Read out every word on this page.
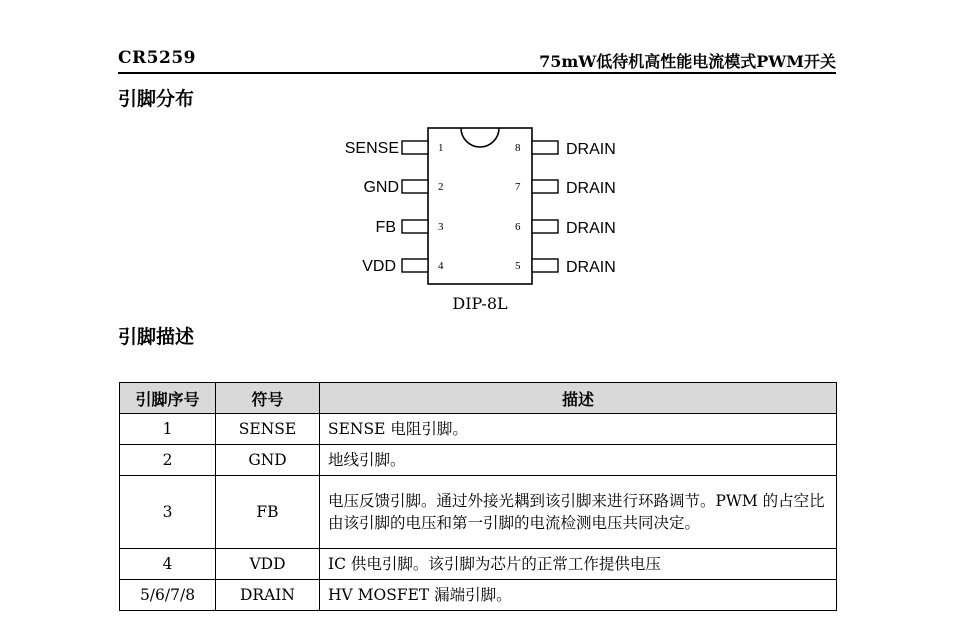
CR5259	75mW低待机高性能电流模式PWM开关
引脚分布
SENSE	1
GND	2
FB	3
VDD	4
DRAIN
8
DRAIN
7
DRAIN
6
DRAIN
5
DIP-8L
引脚描述
引脚序号	符号	描述
1	SENSE	SENSE 电阻引脚。
2	GND	地线引脚。
3	FB	电压反馈引脚。通过外接光耦到该引脚来进行环路调节。PWM 的占空比由该引脚的电压和第一引脚的电流检测电压共同决定。
4	VDD	IC 供电引脚。该引脚为芯片的正常工作提供电压
5/6/7/8	DRAIN	HV MOSFET 漏端引脚。
